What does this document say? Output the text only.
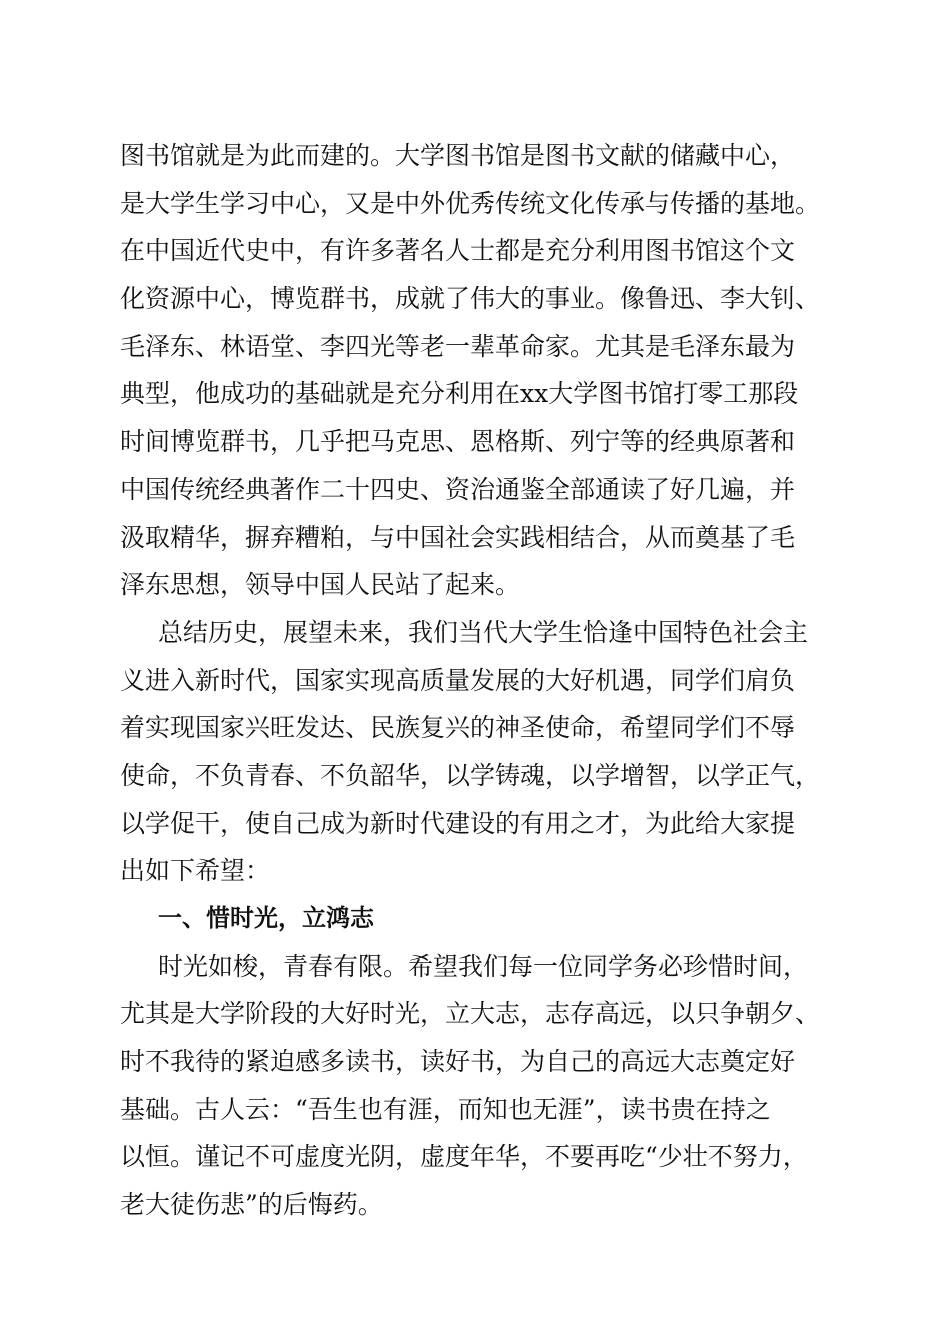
图书馆就是为此而建的。大学图书馆是图书文献的储藏中心，
是大学生学习中心，又是中外优秀传统文化传承与传播的基地。
在中国近代史中，有许多著名人士都是充分利用图书馆这个文
化资源中心，博览群书，成就了伟大的事业。像鲁迅、李大钊、
毛泽东、林语堂、李四光等老一辈革命家。尤其是毛泽东最为
典型，他成功的基础就是充分利用在xx大学图书馆打零工那段
时间博览群书，几乎把马克思、恩格斯、列宁等的经典原著和
中国传统经典著作二十四史、资治通鉴全部通读了好几遍，并
汲取精华，摒弃糟粕，与中国社会实践相结合，从而奠基了毛
泽东思想，领导中国人民站了起来。
总结历史，展望未来，我们当代大学生恰逢中国特色社会主
义进入新时代，国家实现高质量发展的大好机遇，同学们肩负
着实现国家兴旺发达、民族复兴的神圣使命，希望同学们不辱
使命，不负青春、不负韶华，以学铸魂，以学增智，以学正气，
以学促干，使自己成为新时代建设的有用之才，为此给大家提
出如下希望：
一、惜时光，立鸿志
时光如梭，青春有限。希望我们每一位同学务必珍惜时间，
尤其是大学阶段的大好时光，立大志，志存高远，以只争朝夕、
时不我待的紧迫感多读书，读好书，为自己的高远大志奠定好
基础。古人云：“吾生也有涯，而知也无涯”，读书贵在持之
以恒。谨记不可虚度光阴，虚度年华，不要再吃“少壮不努力，
老大徒伤悲”的后悔药。
